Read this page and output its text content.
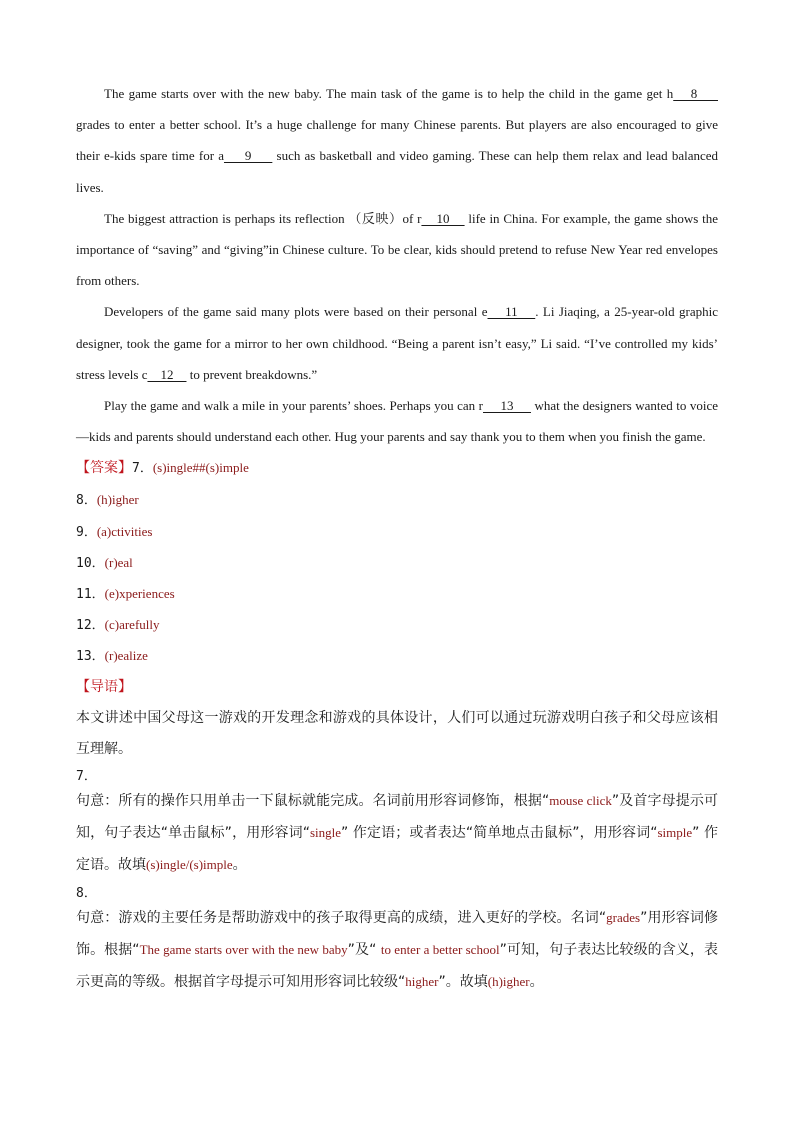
The game starts over with the new baby. The main task of the game is to help the child in the game get h    8      grades to enter a better school. It’s a huge challenge for many Chinese parents. But players are also encouraged to give their e-kids spare time for a     9      such as basketball and video gaming. These can help them relax and lead balanced lives.

The biggest attraction is perhaps its reflection （反映）of r    10     life in China. For example, the game shows the importance of “saving” and “giving”in Chinese culture. To be clear, kids should pretend to refuse New Year red envelopes from others.

Developers of the game said many plots were based on their personal e    11    . Li Jiaqing, a 25-year-old graphic designer, took the game for a mirror to her own childhood. “Being a parent isn’t easy,” Li said. “I’ve controlled my kids’ stress levels c    12     to prevent breakdowns.”

Play the game and walk a mile in your parents’ shoes. Perhaps you can r     13      what the designers wanted to voice—kids and parents should understand each other. Hug your parents and say thank you to them when you finish the game.

【答案】7．(s)ingle##(s)imple

8．(h)igher

9．(a)ctivities

10．(r)eal

11．(e)xperiences

12．(c)arefully

13．(r)ealize

【导语】

本文讲述中国父母这一游戏的开发理念和游戏的具体设计，人们可以通过玩游戏明白孩子和父母应该相互理解。

7．

句意：所有的操作只用单击一下鼠标就能完成。名词前用形容词修饰，根据“mouse click”及首字母提示可知，句子表达“单击鼠标”，用形容词“single” 作定语；或者表达“简单地点击鼠标”，用形容词“simple” 作定语。故填(s)ingle/(s)imple。

8．

句意：游戏的主要任务是帮助游戏中的孩子取得更高的成绩，进入更好的学校。名词“grades”用形容词修饰。根据“The game starts over with the new baby”及“ to enter a better school”可知，句子表达比较级的含义，表示更高的等级。根据首字母提示可知用形容词比较级“higher”。故填(h)igher。
